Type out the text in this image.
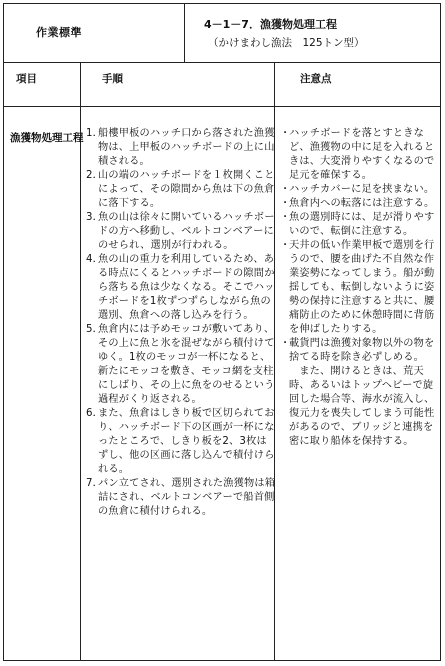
作業標準
4－1－7．漁獲物処理工程
（かけまわし漁法　125トン型）
項目	手順	注意点
漁獲物処理工程 1．
船樓甲板のハッチ口から落された漁獲物は、上甲板のハッチボードの上に山積される。
2．
山の端のハッチボードを１枚開くことによって、その隙間から魚は下の魚倉に落下する。
3．
魚の山は徐々に開いているハッチボードの方へ移動し、ベルトコンベアーにのせられ、選別が行われる。
4．
魚の山の重力を利用しているため、ある時点にくるとハッチボードの隙間から落ちる魚は少なくなる。そこでハッチボードを1枚ずつずらしながら魚の選別、魚倉への落し込みを行う。
5．
魚倉内には予めモッコが敷いてあり、その上に魚と氷を混ぜながら積付けて ゆく。1枚のモッコが一杯になると、新たにモッコを敷き、モッコ網を支柱にしばり、その上に魚をのせるという過程がくり返される。
6．
また、魚倉はしきり板で区切られており、ハッチボード下の区画が一杯になったところで、しきり板を2、3枚はずし、他の区画に落し込んで積付けられる。
7．
パン立てされ、選別された漁獲物は箱詰にされ、ベルトコンベアーで船首側の魚倉に積付けられる。
・
ハッチボードを落とすときなど、漁獲物の中に足を入れるときは、大変滑りやすくなるので足元を確保する。
・
ハッチカバーに足を挟まない。
・
魚倉内への転落には注意する。
・
魚の選別時には、足が滑りやすいので、転倒に注意する。
・
天井の低い作業甲板で選別を行うので、腰を曲げた不自然な作業姿勢になってしまう。船が動揺しても、転倒しないように姿勢の保持に注意すると共に、腰痛防止のために休憩時間に背筋を伸ばしたりする。
・
載貨門は漁獲対象物以外の物を捨てる時を除き必ずしめる。
また、開けるときは、荒天時、あるいはトップヘビーで旋回した場合等、海水が流入し、復元力を喪失してしまう可能性があるので、ブリッジと連携を密に取り船体を保持する。
